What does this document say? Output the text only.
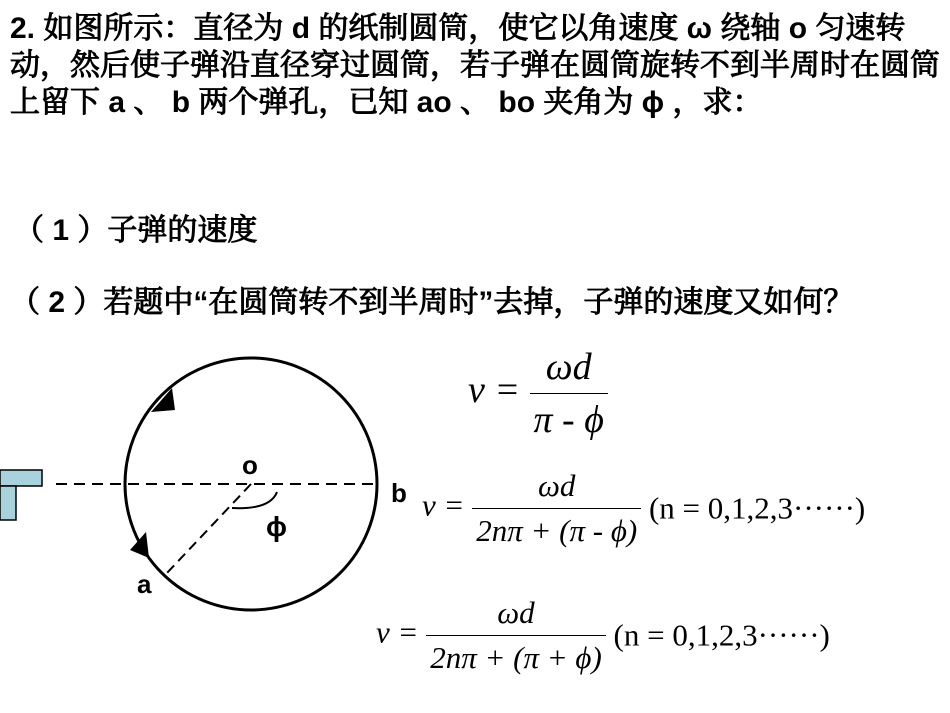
2. 如图所示：直径为 d 的纸制圆筒，使它以角速度 ω 绕轴 o 匀速转动，然后使子弹沿直径穿过圆筒，若子弹在圆筒旋转不到半周时在圆筒上留下 a 、 b 两个弹孔，已知 ao 、 bo 夹角为 ϕ ，求：

（ 1 ）子弹的速度
（ 2 ）若题中“在圆筒转不到半周时”去掉，子弹的速度又如何？
o
b
a
ϕ
$v = \frac{\omega d}{\pi - \phi}$
$v = \frac{\omega d}{2n\pi + (\pi - \phi)} (n = 0,1,2,3\cdot\cdot\cdot\cdot\cdot\cdot)$
$v = \frac{\omega d}{2n\pi + (\pi + \phi)} (n = 0,1,2,3\cdot\cdot\cdot\cdot\cdot\cdot)$
